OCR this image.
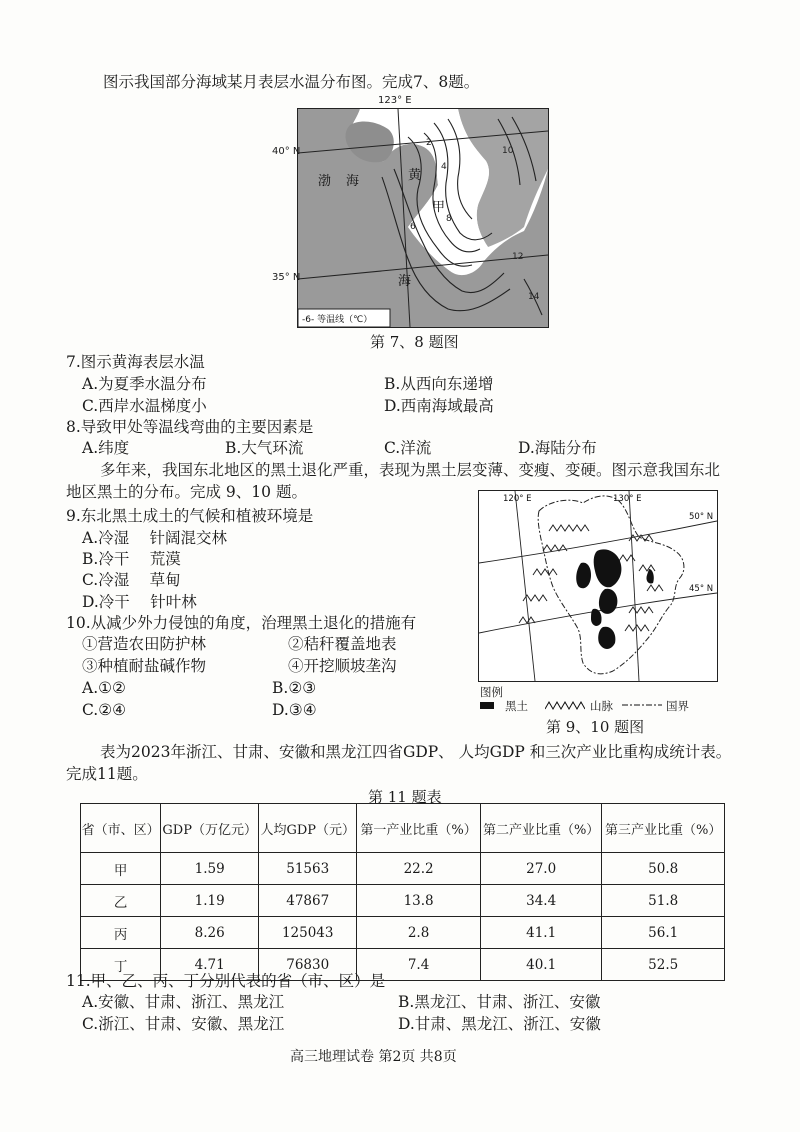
图示我国部分海域某月表层水温分布图。完成7、8题。
2
4
6
8
10
12
14
渤 海	黄
海
甲
-6- 等温线（℃）
123° E
40° N
35° N
第 7、8 题图
7.图示黄海表层水温
A.为夏季水温分布	B.从西向东递增
C.西岸水温梯度小	D.西南海域最高
8.导致甲处等温线弯曲的主要因素是
A.纬度	B.大气环流	C.洋流	D.海陆分布
多年来，我国东北地区的黑土退化严重，表现为黑土层变薄、变瘦、变硬。图示意我国东北
地区黑土的分布。完成 9、10 题。
9.东北黑土成土的气候和植被环境是
A.冷湿　 针阔混交林
B.冷干　 荒漠
C.冷湿　 草甸
D.冷干　 针叶林
10.从减少外力侵蚀的角度，治理黑土退化的措施有
①营造农田防护林	②秸秆覆盖地表
③种植耐盐碱作物	④开挖顺坡垄沟
A.①②	B.②③
C.②④	D.③④
120° E	130° E
50° N
45° N
图例
黑土	山脉	国界
第 9、10 题图
表为2023年浙江、甘肃、安徽和黑龙江四省GDP、 人均GDP 和三次产业比重构成统计表。
完成11题。
第 11 题表
省（市、区）	GDP（万亿元）	人均GDP（元）	第一产业比重（%）	第二产业比重（%）	第三产业比重（%）
甲	1.59	51563	22.2	27.0	50.8
乙	1.19	47867	13.8	34.4	51.8
丙	8.26	125043	2.8	41.1	56.1
丁	4.71	76830	7.4	40.1	52.5
11.甲、乙、丙、丁分别代表的省（市、区）是
A.安徽、甘肃、浙江、黑龙江	B.黑龙江、甘肃、浙江、安徽
C.浙江、甘肃、安徽、黑龙江	D.甘肃、黑龙江、浙江、安徽
高三地理试卷 第2页 共8页
